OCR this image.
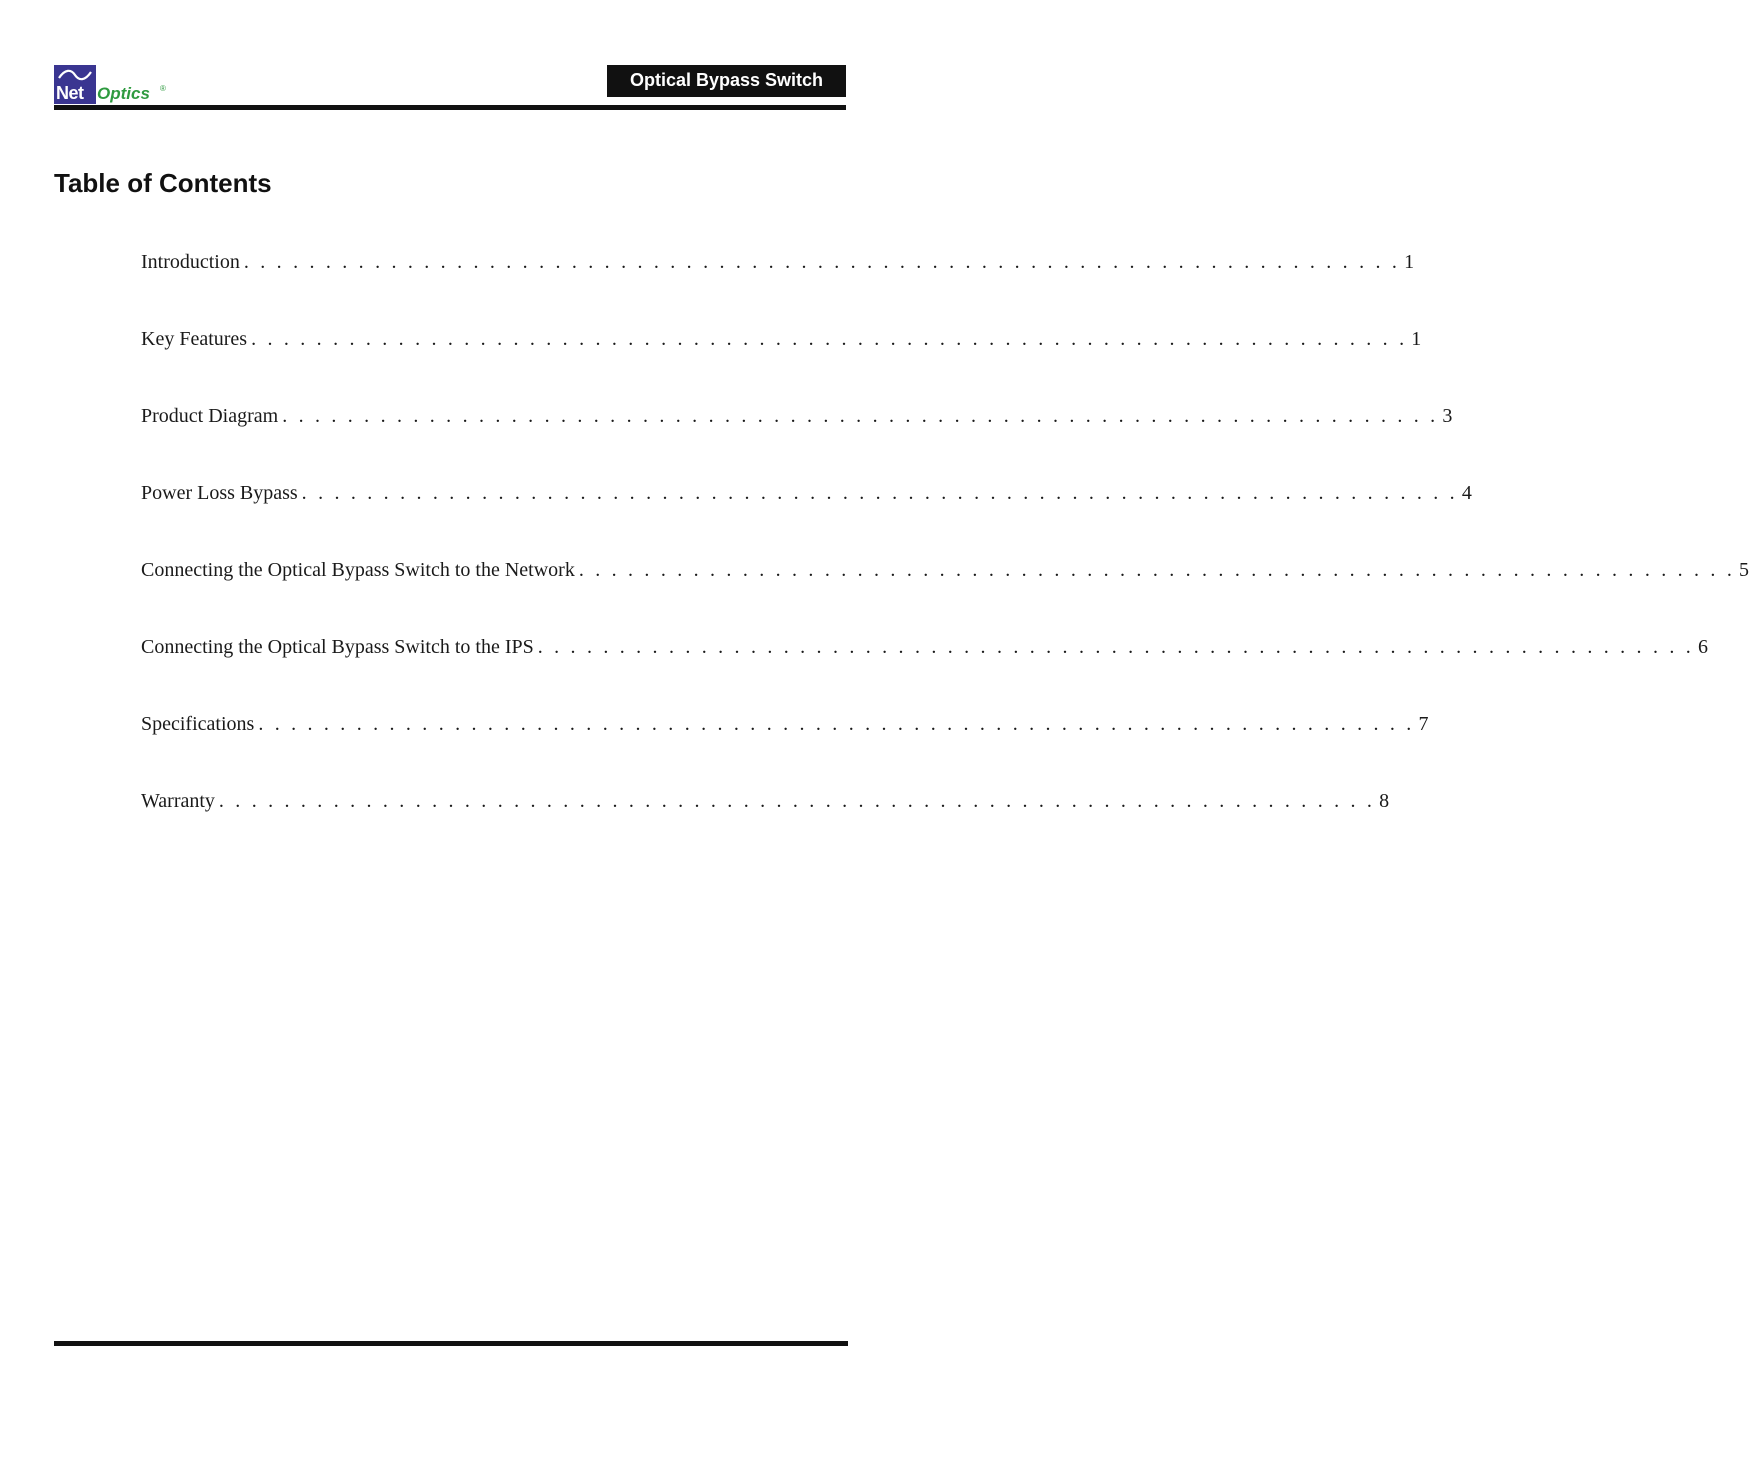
Net Optics ®	Optical Bypass Switch
Table of Contents
Introduction . . . . . . . . . . . . . . . . . . . . . . . . . . . . . . . . . . . . . . . . . . . . . . . . . . . . . . . . . . . . . . . . . . . . . . . 1
Key Features . . . . . . . . . . . . . . . . . . . . . . . . . . . . . . . . . . . . . . . . . . . . . . . . . . . . . . . . . . . . . . . . . . . . . . . 1
Product Diagram . . . . . . . . . . . . . . . . . . . . . . . . . . . . . . . . . . . . . . . . . . . . . . . . . . . . . . . . . . . . . . . . . . . . . . . 3
Power Loss Bypass . . . . . . . . . . . . . . . . . . . . . . . . . . . . . . . . . . . . . . . . . . . . . . . . . . . . . . . . . . . . . . . . . . . . . . . 4
Connecting the Optical Bypass Switch to the Network . . . . . . . . . . . . . . . . . . . . . . . . . . . . . . . . . . . . . . . . . . . . . . . . . . . . . . . . . . . . . . . . . . . . . . . 5
Connecting the Optical Bypass Switch to the IPS . . . . . . . . . . . . . . . . . . . . . . . . . . . . . . . . . . . . . . . . . . . . . . . . . . . . . . . . . . . . . . . . . . . . . . . 6
Specifications . . . . . . . . . . . . . . . . . . . . . . . . . . . . . . . . . . . . . . . . . . . . . . . . . . . . . . . . . . . . . . . . . . . . . . . 7
Warranty . . . . . . . . . . . . . . . . . . . . . . . . . . . . . . . . . . . . . . . . . . . . . . . . . . . . . . . . . . . . . . . . . . . . . . . 8
